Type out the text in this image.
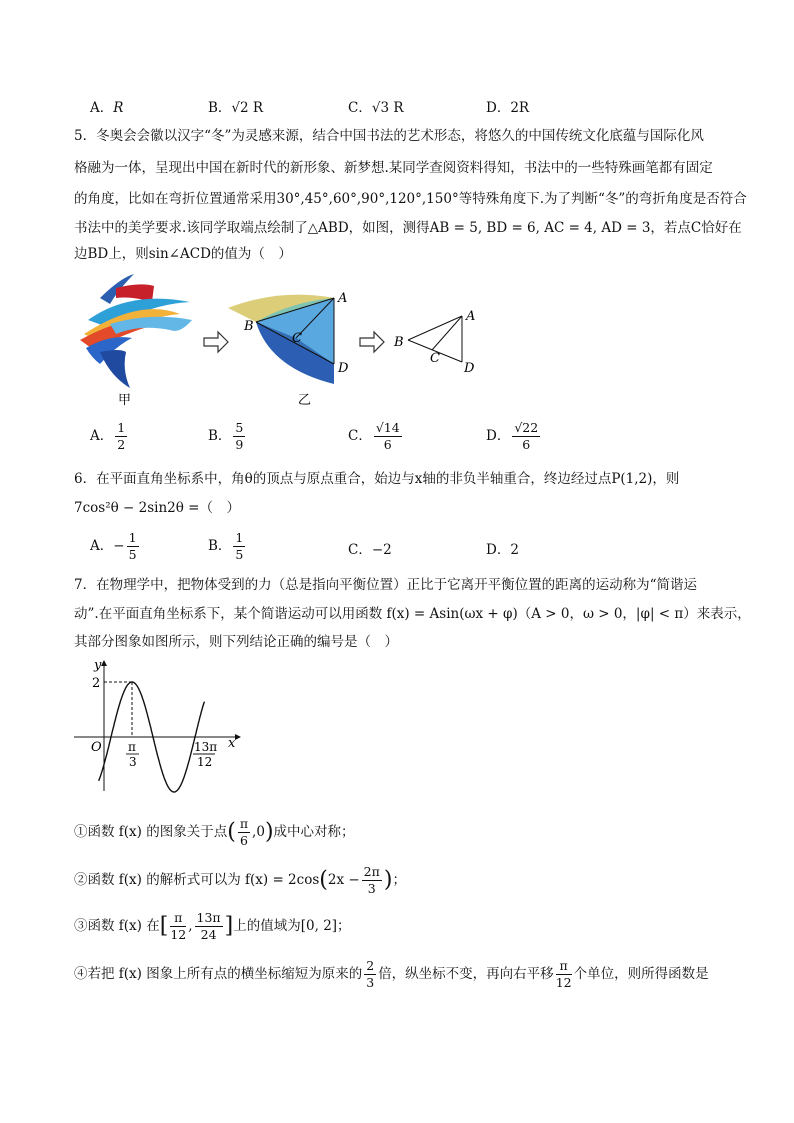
A．R	B．√2 R	C．√3 R	D．2R
5．冬奥会会徽以汉字“冬”为灵感来源，结合中国书法的艺术形态，将悠久的中国传统文化底蕴与国际化风
格融为一体，呈现出中国在新时代的新形象、新梦想.某同学查阅资料得知，书法中的一些特殊画笔都有固定
的角度，比如在弯折位置通常采用30°,45°,60°,90°,120°,150°等特殊角度下.为了判断“冬”的弯折角度是否符合
书法中的美学要求.该同学取端点绘制了△ABD，如图，测得AB = 5, BD = 6, AC = 4, AD = 3，若点C恰好在
边BD上，则sin∠ACD的值为（　）
甲
A
B
C
D
乙
A
B
C
D
A． $\frac{1}{2}$	B． $\frac{5}{9}$	C． $\frac{√14}{6}$	D． $\frac{√22}{6}$
6．在平面直角坐标系中，角θ的顶点与原点重合，始边与x轴的非负半轴重合，终边经过点P(1,2)，则
7cos²θ − 2sin2θ =（　）
A．− $\frac{1}{5}$	B． $\frac{1}{5}$	C．−2	D．2
7．在物理学中，把物体受到的力（总是指向平衡位置）正比于它离开平衡位置的距离的运动称为“简谐运
动”.在平面直角坐标系下，某个简谐运动可以用函数 f(x) = Asin(ωx + φ)（A > 0，ω > 0，|φ| < π）来表示，
其部分图象如图所示，则下列结论正确的编号是（　）
y
x
O
2
π
3
13π
12
①函数 f(x) 的图象关于点( $\frac{\pi}{6} ,0$)成中心对称；
②函数 f(x) 的解析式可以为 $f(x) = 2\cos(2x - \frac{2\pi}{3}$ )；
③函数 f(x) 在[ $\frac{\pi}{12}$ , $\frac{13\pi}{24}$ ]上的值域为[0, 2]；
④若把 f(x) 图象上所有点的横坐标缩短为原来的 $\frac{2}{3}$ 倍，纵坐标不变，再向右平移 $\frac{\pi}{12}$ 个单位，则所得函数是
